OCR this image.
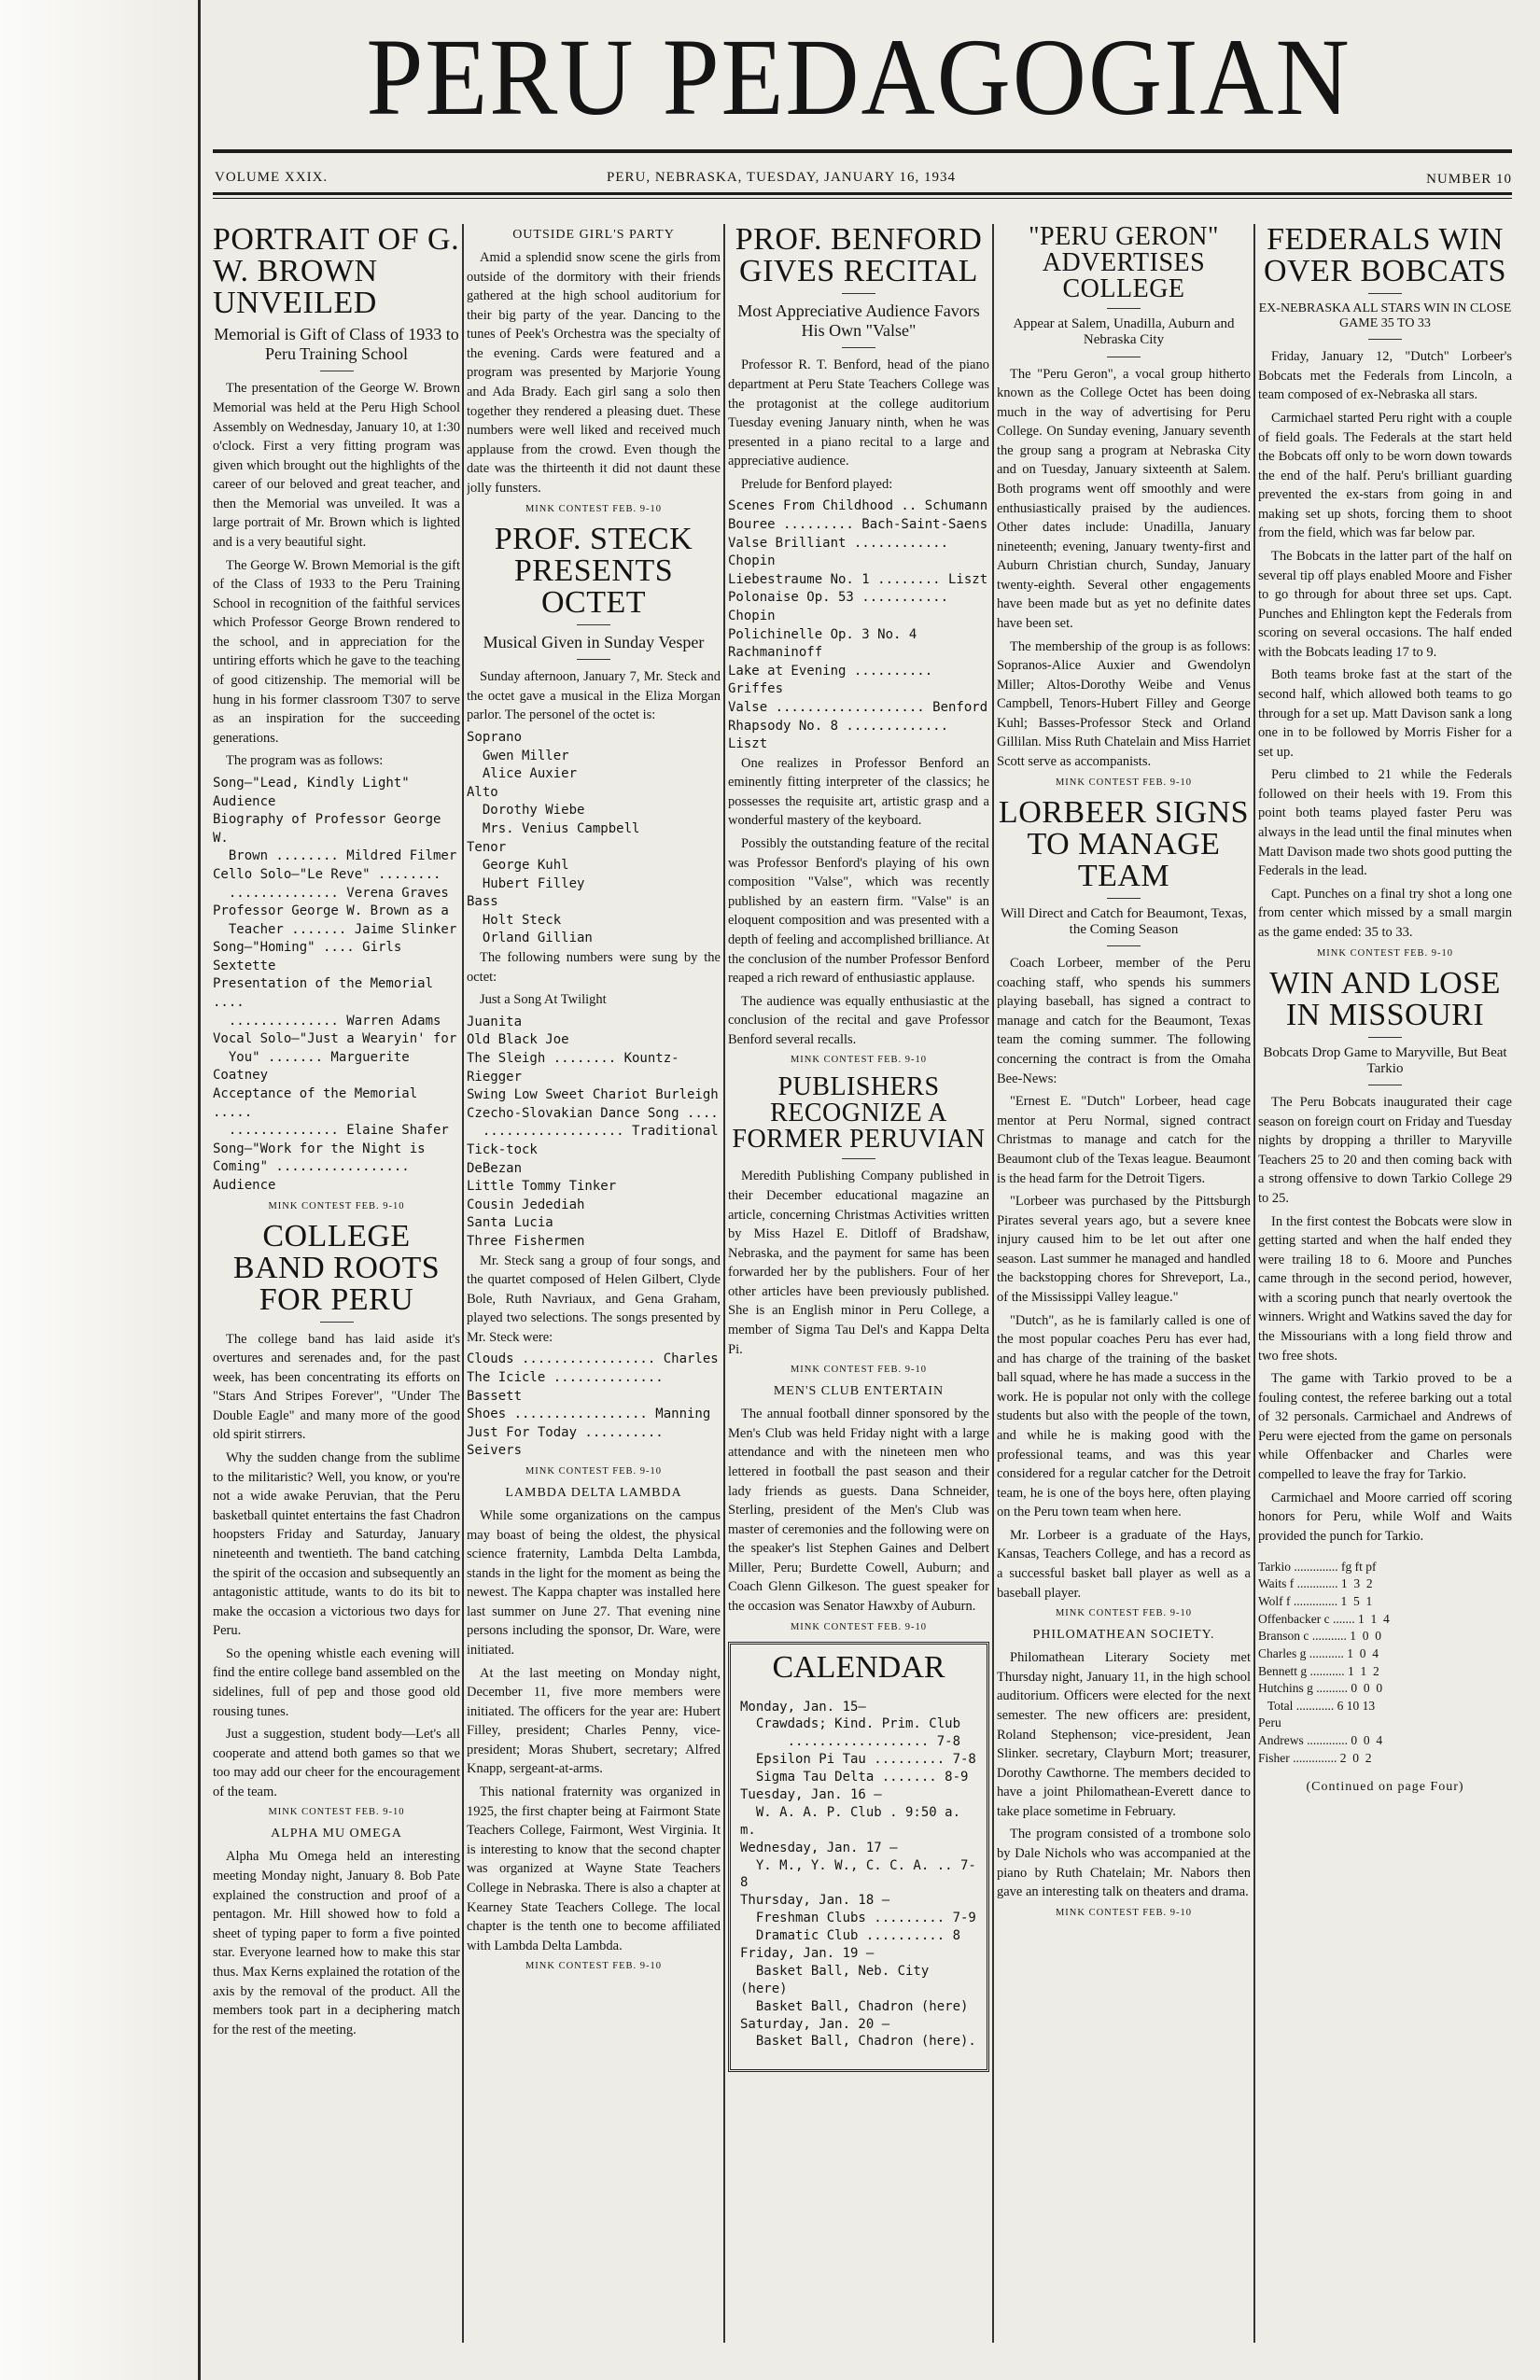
PERU PEDAGOGIAN
VOLUME XXIX.	PERU, NEBRASKA, TUESDAY, JANUARY 16, 1934	NUMBER 10
PORTRAIT OF G. W. BROWN UNVEILED
Memorial is Gift of Class of 1933 to Peru Training School

The presentation of the George W. Brown Memorial was held at the Peru High School Assembly on Wednesday, January 10, at 1:30 o'clock. First a very fitting program was given which brought out the highlights of the career of our beloved and great teacher, and then the Memorial was unveiled. It was a large portrait of Mr. Brown which is lighted and is a very beautiful sight.

The George W. Brown Memorial is the gift of the Class of 1933 to the Peru Training School in recognition of the faithful services which Professor George Brown rendered to the school, and in appreciation for the untiring efforts which he gave to the teaching of good citizenship. The memorial will be hung in his former classroom T307 to serve as an inspiration for the succeeding generations.

The program was as follows:

Song—"Lead, Kindly Light" Audience
Biography of Professor George W.
Brown ........ Mildred Filmer
Cello Solo—"Le Reve" ........
.............. Verena Graves
Professor George W. Brown as a
Teacher ....... Jaime Slinker
Song—"Homing" .... Girls Sextette
Presentation of the Memorial ....
.............. Warren Adams
Vocal Solo—"Just a Wearyin' for
You" ....... Marguerite Coatney
Acceptance of the Memorial .....
.............. Elaine Shafer
Song—"Work for the Night is Coming" ................. Audience
MINK CONTEST FEB. 9-10
COLLEGE BAND ROOTS FOR PERU

The college band has laid aside it's overtures and serenades and, for the past week, has been concentrating its efforts on "Stars And Stripes Forever", "Under The Double Eagle" and many more of the good old spirit stirrers.

Why the sudden change from the sublime to the militaristic? Well, you know, or you're not a wide awake Peruvian, that the Peru basketball quintet entertains the fast Chadron hoopsters Friday and Saturday, January nineteenth and twentieth. The band catching the spirit of the occasion and subsequently an antagonistic attitude, wants to do its bit to make the occasion a victorious two days for Peru.

So the opening whistle each evening will find the entire college band assembled on the sidelines, full of pep and those good old rousing tunes.

Just a suggestion, student body—Let's all cooperate and attend both games so that we too may add our cheer for the encouragement of the team.

MINK CONTEST FEB. 9-10
ALPHA MU OMEGA

Alpha Mu Omega held an interesting meeting Monday night, January 8. Bob Pate explained the construction and proof of a pentagon. Mr. Hill showed how to fold a sheet of typing paper to form a five pointed star. Everyone learned how to make this star thus. Max Kerns explained the rotation of the axis by the removal of the product. All the members took part in a deciphering match for the rest of the meeting.

OUTSIDE GIRL'S PARTY

Amid a splendid snow scene the girls from outside of the dormitory with their friends gathered at the high school auditorium for their big party of the year. Dancing to the tunes of Peek's Orchestra was the specialty of the evening. Cards were featured and a program was presented by Marjorie Young and Ada Brady. Each girl sang a solo then together they rendered a pleasing duet. These numbers were well liked and received much applause from the crowd. Even though the date was the thirteenth it did not daunt these jolly funsters.

MINK CONTEST FEB. 9-10
PROF. STECK PRESENTS OCTET
Musical Given in Sunday Vesper

Sunday afternoon, January 7, Mr. Steck and the octet gave a musical in the Eliza Morgan parlor. The personel of the octet is:

Soprano
Gwen Miller
Alice Auxier
Alto
Dorothy Wiebe
Mrs. Venius Campbell
Tenor
George Kuhl
Hubert Filley
Bass
Holt Steck
Orland Gillian

The following numbers were sung by the octet:

Just a Song At Twilight

Juanita
Old Black Joe
The Sleigh ........ Kountz-Riegger
Swing Low Sweet Chariot Burleigh
Czecho-Slovakian Dance Song ....
.................. Traditional
Tick-tock
DeBezan
Little Tommy Tinker
Cousin Jedediah
Santa Lucia
Three Fishermen

Mr. Steck sang a group of four songs, and the quartet composed of Helen Gilbert, Clyde Bole, Ruth Navriaux, and Gena Graham, played two selections. The songs presented by Mr. Steck were:

Clouds ................. Charles
The Icicle .............. Bassett
Shoes ................. Manning
Just For Today .......... Seivers
MINK CONTEST FEB. 9-10
LAMBDA DELTA LAMBDA

While some organizations on the campus may boast of being the oldest, the physical science fraternity, Lambda Delta Lambda, stands in the light for the moment as being the newest. The Kappa chapter was installed here last summer on June 27. That evening nine persons including the sponsor, Dr. Ware, were initiated.

At the last meeting on Monday night, December 11, five more members were initiated. The officers for the year are: Hubert Filley, president; Charles Penny, vice-president; Moras Shubert, secretary; Alfred Knapp, sergeant-at-arms.

This national fraternity was organized in 1925, the first chapter being at Fairmont State Teachers College, Fairmont, West Virginia. It is interesting to know that the second chapter was organized at Wayne State Teachers College in Nebraska. There is also a chapter at Kearney State Teachers College. The local chapter is the tenth one to become affiliated with Lambda Delta Lambda.

MINK CONTEST FEB. 9-10
PROF. BENFORD GIVES RECITAL
Most Appreciative Audience Favors His Own "Valse"

Professor R. T. Benford, head of the piano department at Peru State Teachers College was the protagonist at the college auditorium Tuesday evening January ninth, when he was presented in a piano recital to a large and appreciative audience.

Prelude for Benford played:

Scenes From Childhood .. Schumann
Bouree ......... Bach-Saint-Saens
Valse Brilliant ............ Chopin
Liebestraume No. 1 ........ Liszt
Polonaise Op. 53 ........... Chopin
Polichinelle Op. 3 No. 4 Rachmaninoff
Lake at Evening .......... Griffes
Valse ................... Benford
Rhapsody No. 8 ............. Liszt

One realizes in Professor Benford an eminently fitting interpreter of the classics; he possesses the requisite art, artistic grasp and a wonderful mastery of the keyboard.

Possibly the outstanding feature of the recital was Professor Benford's playing of his own composition "Valse", which was recently published by an eastern firm. "Valse" is an eloquent composition and was presented with a depth of feeling and accomplished brilliance. At the conclusion of the number Professor Benford reaped a rich reward of enthusiastic applause.

The audience was equally enthusiastic at the conclusion of the recital and gave Professor Benford several recalls.

MINK CONTEST FEB. 9-10
PUBLISHERS RECOGNIZE A FORMER PERUVIAN

Meredith Publishing Company published in their December educational magazine an article, concerning Christmas Activities written by Miss Hazel E. Ditloff of Bradshaw, Nebraska, and the payment for same has been forwarded her by the publishers. Four of her other articles have been previously published. She is an English minor in Peru College, a member of Sigma Tau Del's and Kappa Delta Pi.

MINK CONTEST FEB. 9-10
MEN'S CLUB ENTERTAIN

The annual football dinner sponsored by the Men's Club was held Friday night with a large attendance and with the nineteen men who lettered in football the past season and their lady friends as guests. Dana Schneider, Sterling, president of the Men's Club was master of ceremonies and the following were on the speaker's list Stephen Gaines and Delbert Miller, Peru; Burdette Cowell, Auburn; and Coach Glenn Gilkeson. The guest speaker for the occasion was Senator Hawxby of Auburn.

MINK CONTEST FEB. 9-10
CALENDAR
Monday, Jan. 15—
Crawdads; Kind. Prim. Club
.................. 7-8
Epsilon Pi Tau ......... 7-8
Sigma Tau Delta ....... 8-9
Tuesday, Jan. 16 —
W. A. A. P. Club . 9:50 a. m.
Wednesday, Jan. 17 —
Y. M., Y. W., C. C. A. .. 7-8
Thursday, Jan. 18 —
Freshman Clubs ......... 7-9
Dramatic Club .......... 8
Friday, Jan. 19 —
Basket Ball, Neb. City (here)
Basket Ball, Chadron (here)
Saturday, Jan. 20 —
Basket Ball, Chadron (here).
"PERU GERON" ADVERTISES COLLEGE
Appear at Salem, Unadilla, Auburn and Nebraska City

The "Peru Geron", a vocal group hitherto known as the College Octet has been doing much in the way of advertising for Peru College. On Sunday evening, January seventh the group sang a program at Nebraska City and on Tuesday, January sixteenth at Salem. Both programs went off smoothly and were enthusiastically praised by the audiences. Other dates include: Unadilla, January nineteenth; evening, January twenty-first and Auburn Christian church, Sunday, January twenty-eighth. Several other engagements have been made but as yet no definite dates have been set.

The membership of the group is as follows: Sopranos-Alice Auxier and Gwendolyn Miller; Altos-Dorothy Weibe and Venus Campbell, Tenors-Hubert Filley and George Kuhl; Basses-Professor Steck and Orland Gillilan. Miss Ruth Chatelain and Miss Harriet Scott serve as accompanists.

MINK CONTEST FEB. 9-10
LORBEER SIGNS TO MANAGE TEAM
Will Direct and Catch for Beaumont, Texas, the Coming Season

Coach Lorbeer, member of the Peru coaching staff, who spends his summers playing baseball, has signed a contract to manage and catch for the Beaumont, Texas team the coming summer. The following concerning the contract is from the Omaha Bee-News:

"Ernest E. "Dutch" Lorbeer, head cage mentor at Peru Normal, signed contract Christmas to manage and catch for the Beaumont club of the Texas league. Beaumont is the head farm for the Detroit Tigers.

"Lorbeer was purchased by the Pittsburgh Pirates several years ago, but a severe knee injury caused him to be let out after one season. Last summer he managed and handled the backstopping chores for Shreveport, La., of the Mississippi Valley league."

"Dutch", as he is familarly called is one of the most popular coaches Peru has ever had, and has charge of the training of the basket ball squad, where he has made a success in the work. He is popular not only with the college students but also with the people of the town, and while he is making good with the professional teams, and was this year considered for a regular catcher for the Detroit team, he is one of the boys here, often playing on the Peru town team when here.

Mr. Lorbeer is a graduate of the Hays, Kansas, Teachers College, and has a record as a successful basket ball player as well as a baseball player.

MINK CONTEST FEB. 9-10
PHILOMATHEAN SOCIETY.

Philomathean Literary Society met Thursday night, January 11, in the high school auditorium. Officers were elected for the next semester. The new officers are: president, Roland Stephenson; vice-president, Jean Slinker. secretary, Clayburn Mort; treasurer, Dorothy Cawthorne. The members decided to have a joint Philomathean-Everett dance to take place sometime in February.

The program consisted of a trombone solo by Dale Nichols who was accompanied at the piano by Ruth Chatelain; Mr. Nabors then gave an interesting talk on theaters and drama.

MINK CONTEST FEB. 9-10
FEDERALS WIN OVER BOBCATS
EX-NEBRASKA ALL STARS WIN IN CLOSE GAME 35 TO 33

Friday, January 12, "Dutch" Lorbeer's Bobcats met the Federals from Lincoln, a team composed of ex-Nebraska all stars.

Carmichael started Peru right with a couple of field goals. The Federals at the start held the Bobcats off only to be worn down towards the end of the half. Peru's brilliant guarding prevented the ex-stars from going in and making set up shots, forcing them to shoot from the field, which was far below par.

The Bobcats in the latter part of the half on several tip off plays enabled Moore and Fisher to go through for about three set ups. Capt. Punches and Ehlington kept the Federals from scoring on several occasions. The half ended with the Bobcats leading 17 to 9.

Both teams broke fast at the start of the second half, which allowed both teams to go through for a set up. Matt Davison sank a long one in to be followed by Morris Fisher for a set up.

Peru climbed to 21 while the Federals followed on their heels with 19. From this point both teams played faster Peru was always in the lead until the final minutes when Matt Davison made two shots good putting the Federals in the lead.

Capt. Punches on a final try shot a long one from center which missed by a small margin as the game ended: 35 to 33.

MINK CONTEST FEB. 9-10
WIN AND LOSE IN MISSOURI
Bobcats Drop Game to Maryville, But Beat Tarkio

The Peru Bobcats inaugurated their cage season on foreign court on Friday and Tuesday nights by dropping a thriller to Maryville Teachers 25 to 20 and then coming back with a strong offensive to down Tarkio College 29 to 25.

In the first contest the Bobcats were slow in getting started and when the half ended they were trailing 18 to 6. Moore and Punches came through in the second period, however, with a scoring punch that nearly overtook the winners. Wright and Watkins saved the day for the Missourians with a long field throw and two free shots.

The game with Tarkio proved to be a fouling contest, the referee barking out a total of 32 personals. Carmichael and Andrews of Peru were ejected from the game on personals while Offenbacker and Charles were compelled to leave the fray for Tarkio.

Carmichael and Moore carried off scoring honors for Peru, while Wolf and Waits provided the punch for Tarkio.

Tarkio .............. fg ft pf
Waits f ............. 1  3  2
Wolf f .............. 1  5  1
Offenbacker c ....... 1  1  4
Branson c ........... 1  0  0
Charles g ........... 1  0  4
Bennett g ........... 1  1  2
Hutchins g .......... 0  0  0
Total ............ 6 10 13
Peru
Andrews ............. 0  0  4
Fisher .............. 2  0  2
(Continued on page Four)
